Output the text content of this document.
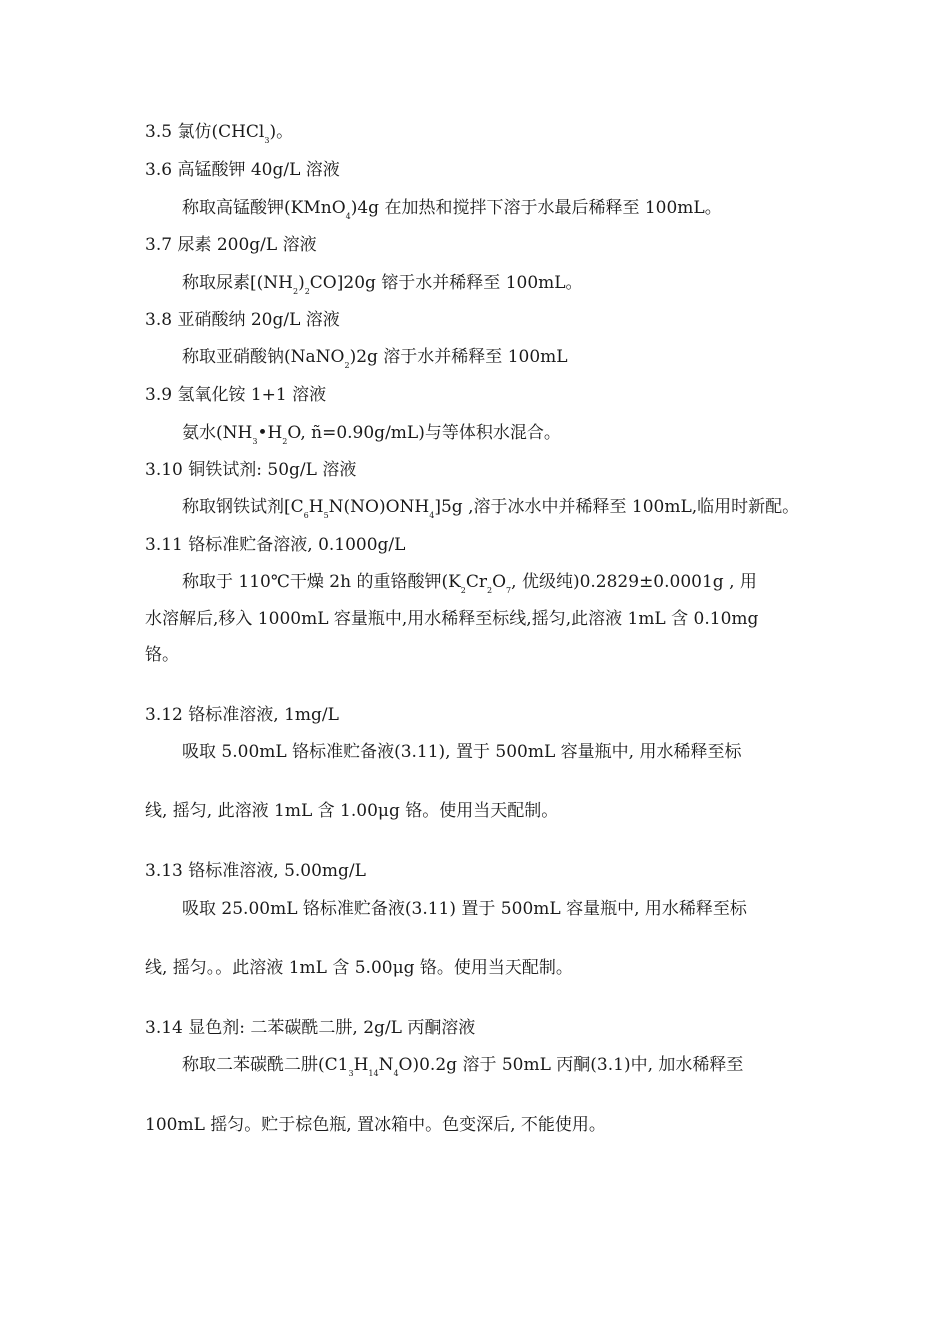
3.5 氯仿(CHCl$_3$)。
3.6 高锰酸钾 40g/L 溶液
称取高锰酸钾(KMnO$_4$)4g 在加热和搅拌下溶于水最后稀释至 100mL。
3.7 尿素 200g/L 溶液
称取尿素$[(NH_2)_2CO]20g$ 镕于水并稀释至 100mL。
3.8 亚硝酸纳 20g/L 溶液
称取亚硝酸钠(NaNO$_2$)2g 溶于水并稀释至 100mL
3.9 氢氧化铵 1+1 溶液
氨水($NH_3•H_2O$, ñ=0.90g/mL)与等体积水混合。
3.10 铜铁试剂: 50g/L 溶液
称取钢铁试剂$[C_6H_5N(NO)ONH_4]5g$ ,溶于冰水中并稀释至 100mL,临用时新配。
3.11 铬标准贮备溶液, 0.1000g/L
称取于 110℃干燥 2h 的重铬酸钾($K_2Cr_2O_7$, 优级纯)0.2829±0.0001g , 用
水溶解后,移入 1000mL 容量瓶中,用水稀释至标线,摇匀,此溶液 1mL 含 0.10mg
铬。
3.12 铬标准溶液, 1mg/L
吸取 5.00mL 铬标准贮备液(3.11), 置于 500mL 容量瓶中, 用水稀释至标
线, 摇匀, 此溶液 1mL 含 1.00μg 铬。使用当天配制。
3.13 铬标准溶液, 5.00mg/L
吸取 25.00mL 铬标准贮备液(3.11) 置于 500mL 容量瓶中, 用水稀释至标
线, 摇匀。。此溶液 1mL 含 5.00μg 铬。使用当天配制。
3.14 显色剂: 二苯碳酰二肼, 2g/L 丙酮溶液
称取二苯碳酰二肼$(C1_3H_{14}N_4O)0.2g$ 溶于 50mL 丙酮(3.1)中, 加水稀释至
100mL 摇匀。贮于棕色瓶, 置冰箱中。色变深后, 不能使用。
